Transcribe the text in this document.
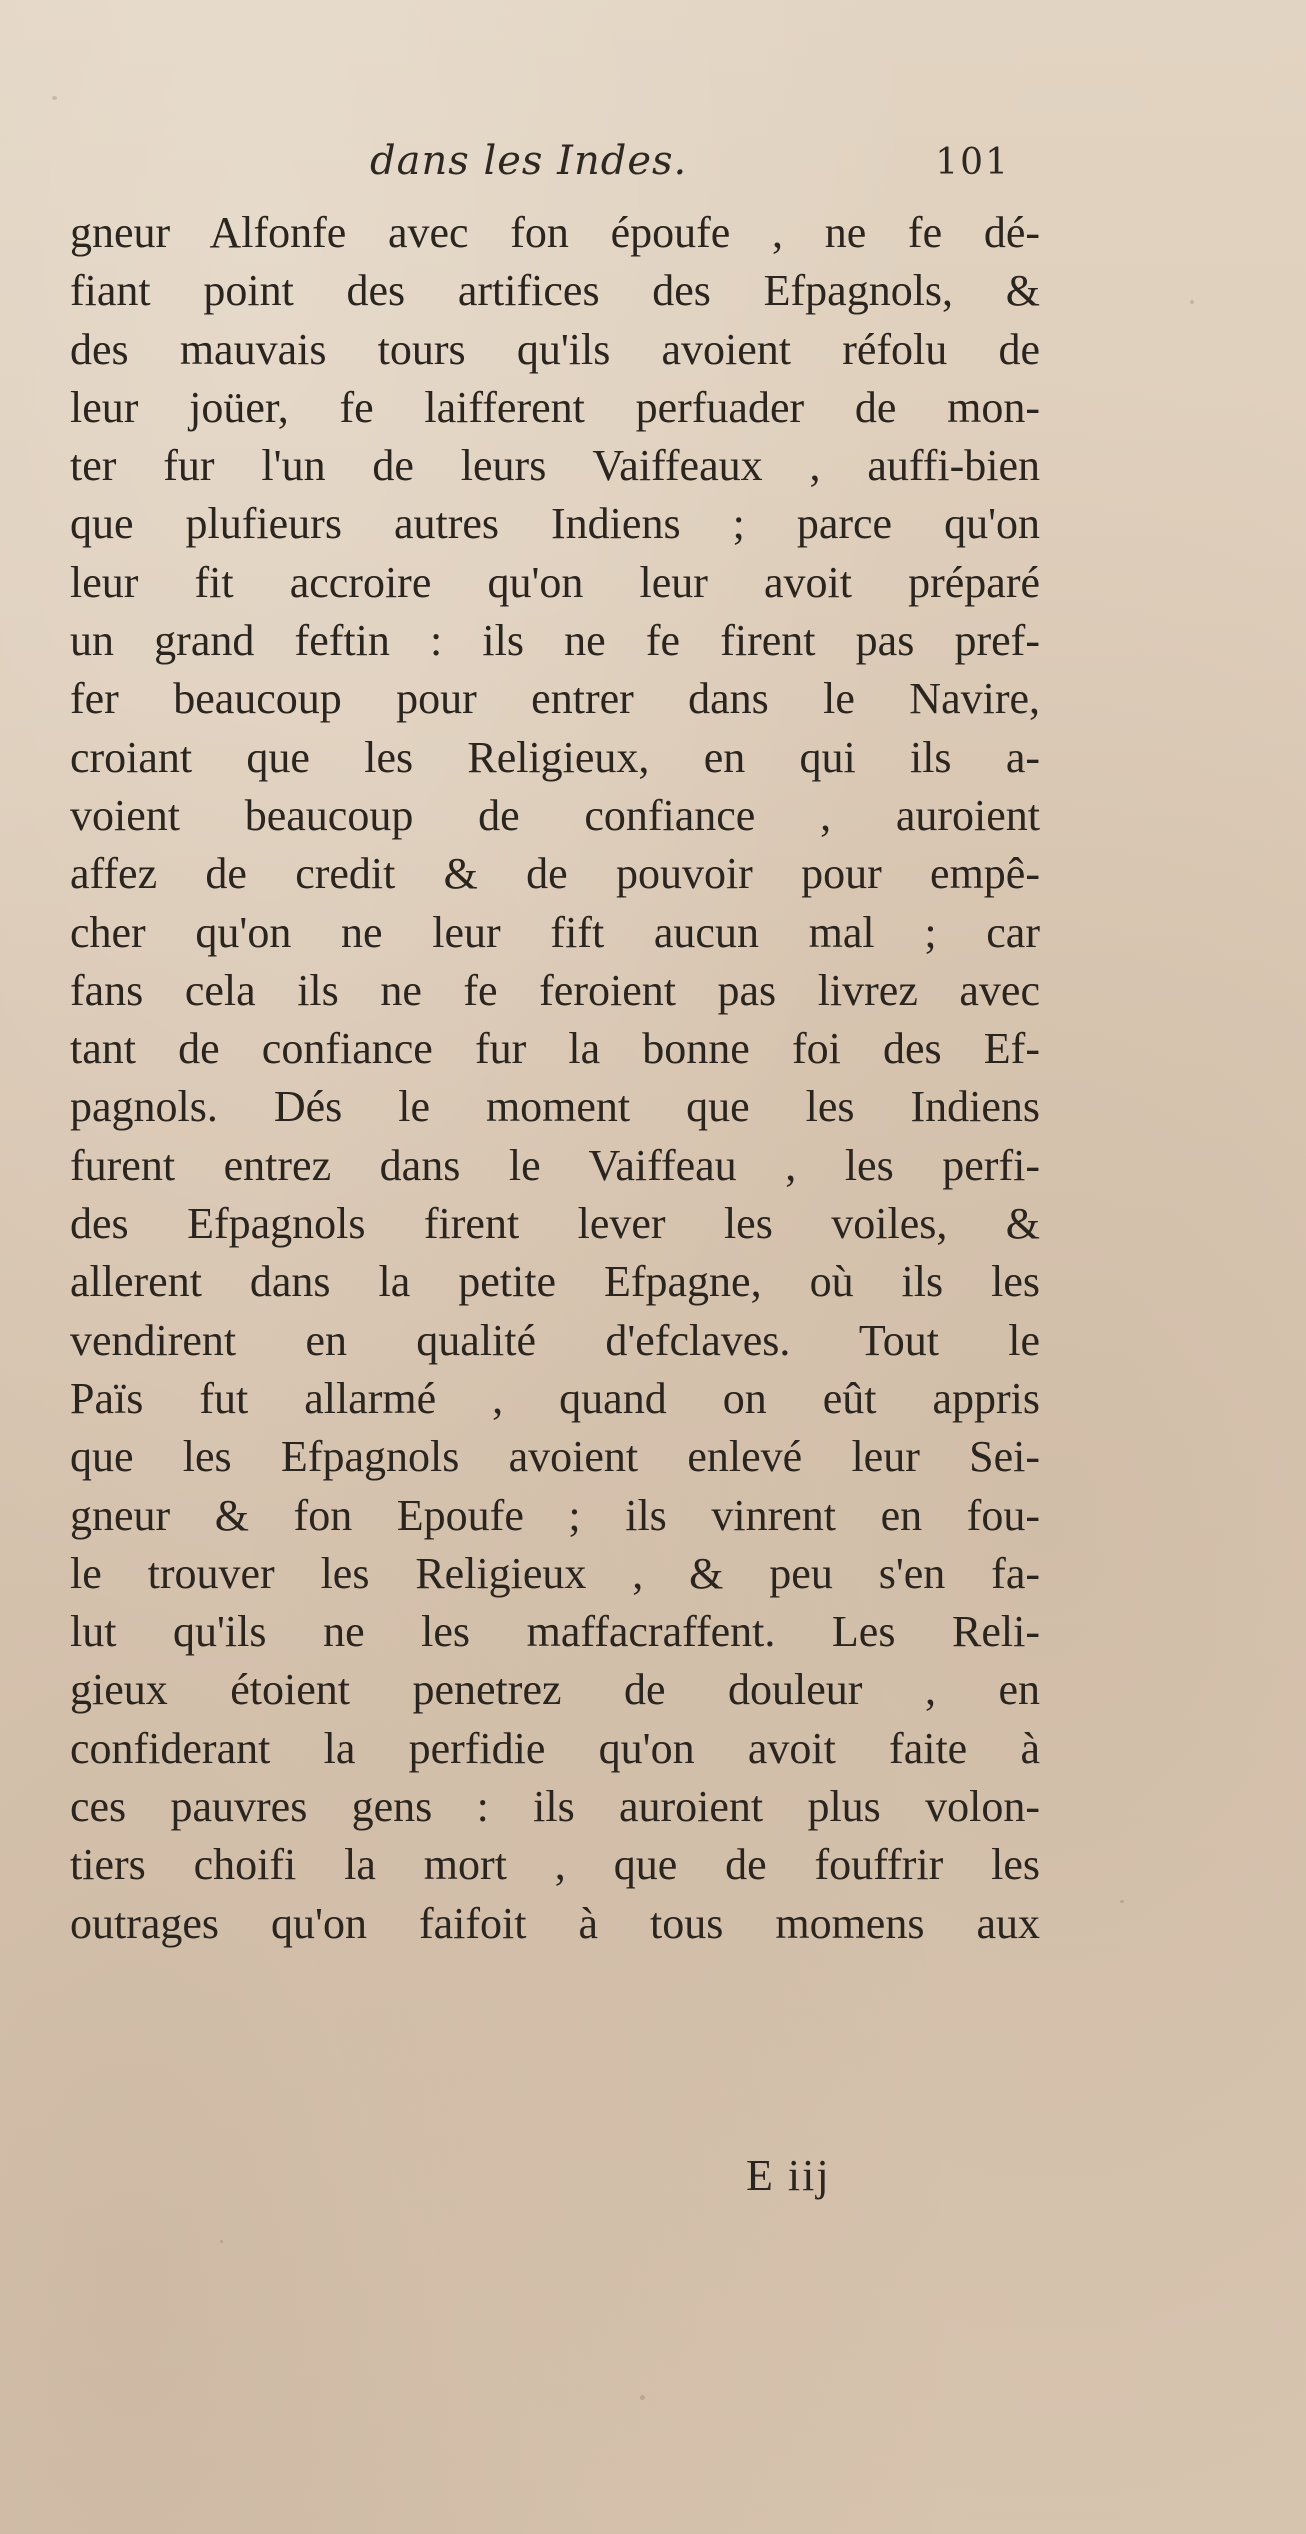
dans les Indes.	101
gneur Alfonfe avec fon époufe , ne fe dé-
fiant point des artifices des Efpagnols, &
des mauvais tours qu'ils avoient réfolu de
leur joüer, fe laifferent perfuader de mon-
ter fur l'un de leurs Vaiffeaux , auffi-bien
que plufieurs autres Indiens ; parce qu'on
leur fit accroire qu'on leur avoit préparé
un grand feftin : ils ne fe firent pas pref-
fer beaucoup pour entrer dans le Navire,
croiant que les Religieux, en qui ils a-
voient beaucoup de confiance , auroient
affez de credit & de pouvoir pour empê-
cher qu'on ne leur fift aucun mal ; car
fans cela ils ne fe feroient pas livrez avec
tant de confiance fur la bonne foi des Ef-
pagnols. Dés le moment que les Indiens
furent entrez dans le Vaiffeau , les perfi-
des Efpagnols firent lever les voiles, &
allerent dans la petite Efpagne, où ils les
vendirent en qualité d'efclaves. Tout le
Païs fut allarmé , quand on eût appris
que les Efpagnols avoient enlevé leur Sei-
gneur & fon Epoufe ; ils vinrent en fou-
le trouver les Religieux , & peu s'en fa-
lut qu'ils ne les maffacraffent. Les Reli-
gieux étoient penetrez de douleur , en
confiderant la perfidie qu'on avoit faite à
ces pauvres gens : ils auroient plus volon-
tiers choifi la mort , que de fouffrir les
outrages qu'on faifoit à tous momens aux
E iij
